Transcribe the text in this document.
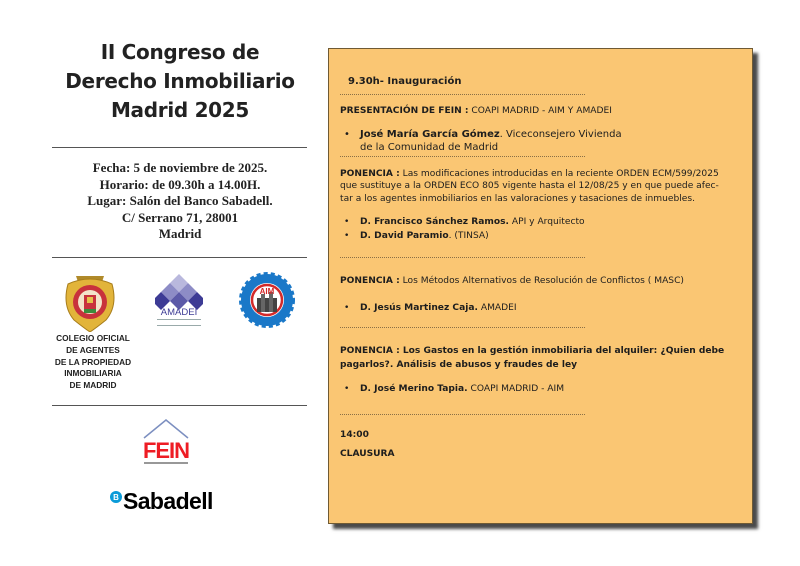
II Congreso de
Derecho Inmobiliario
Madrid 2025
Fecha: 5 de noviembre de 2025.
Horario: de 09.30h a 14.00H.
Lugar: Salón del Banco Sabadell.
C/ Serrano 71, 28001
Madrid
AMADEI
AIM
COLEGIO OFICIAL
DE AGENTES
DE LA PROPIEDAD
INMOBILIARIA
DE MADRID
FEIN
B Sabadell
9.30h- Inauguración
PRESENTACIÓN DE FEIN : COAPI MADRID - AIM Y AMADEI
• José María García Gómez. Viceconsejero Vivienda
de la Comunidad de Madrid
PONENCIA : Las modificaciones introducidas en la reciente ORDEN ECM/599/2025
que sustituye a la ORDEN ECO 805 vigente hasta el 12/08/25 y en que puede afec-
tar a los agentes inmobiliarios en las valoraciones y tasaciones de inmuebles.
• D. Francisco Sánchez Ramos. API y Arquitecto
• D. David Paramio. (TINSA)
PONENCIA : Los Métodos Alternativos de Resolución de Conflictos ( MASC)
• D. Jesús Martinez Caja. AMADEI
PONENCIA : Los Gastos en la gestión inmobiliaria del alquiler: ¿Quien debe
pagarlos?. Análisis de abusos y fraudes de ley
• D. José Merino Tapia. COAPI MADRID - AIM
14:00
CLAUSURA
